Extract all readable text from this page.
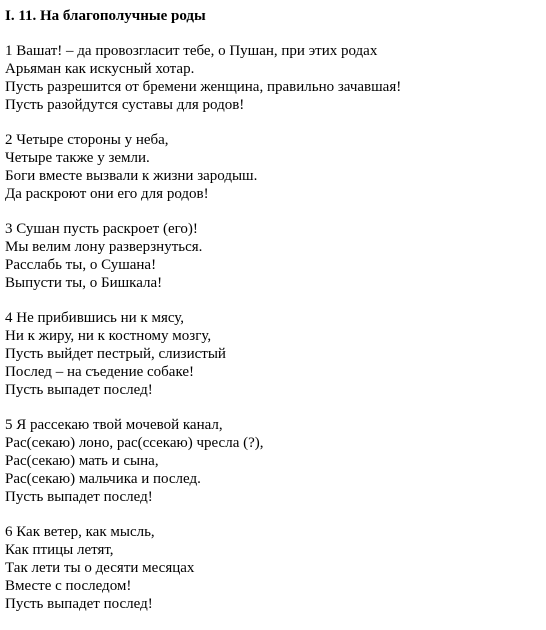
I. 11. На благополучные роды
1 Вашат! – да провозгласит тебе, о Пушан, при этих родах
Арьяман как искусный хотар.
Пусть разрешится от бремени женщина, правильно зачавшая!
Пусть разойдутся суставы для родов!
2 Четыре стороны у неба,
Четыре также у земли.
Боги вместе вызвали к жизни зародыш.
Да раскроют они его для родов!
3 Сушан пусть раскроет (его)!
Мы велим лону разверзнуться.
Расслабь ты, о Сушана!
Выпусти ты, о Бишкала!
4 Не прибившись ни к мясу,
Ни к жиру, ни к костному мозгу,
Пусть выйдет пестрый, слизистый
Послед – на съедение собаке!
Пусть выпадет послед!
5 Я рассекаю твой мочевой канал,
Рас(секаю) лоно, рас(ссекаю) чресла (?),
Рас(секаю) мать и сына,
Рас(секаю) мальчика и послед.
Пусть выпадет послед!
6 Как ветер, как мысль,
Как птицы летят,
Так лети ты о десяти месяцах
Вместе с последом!
Пусть выпадет послед!
